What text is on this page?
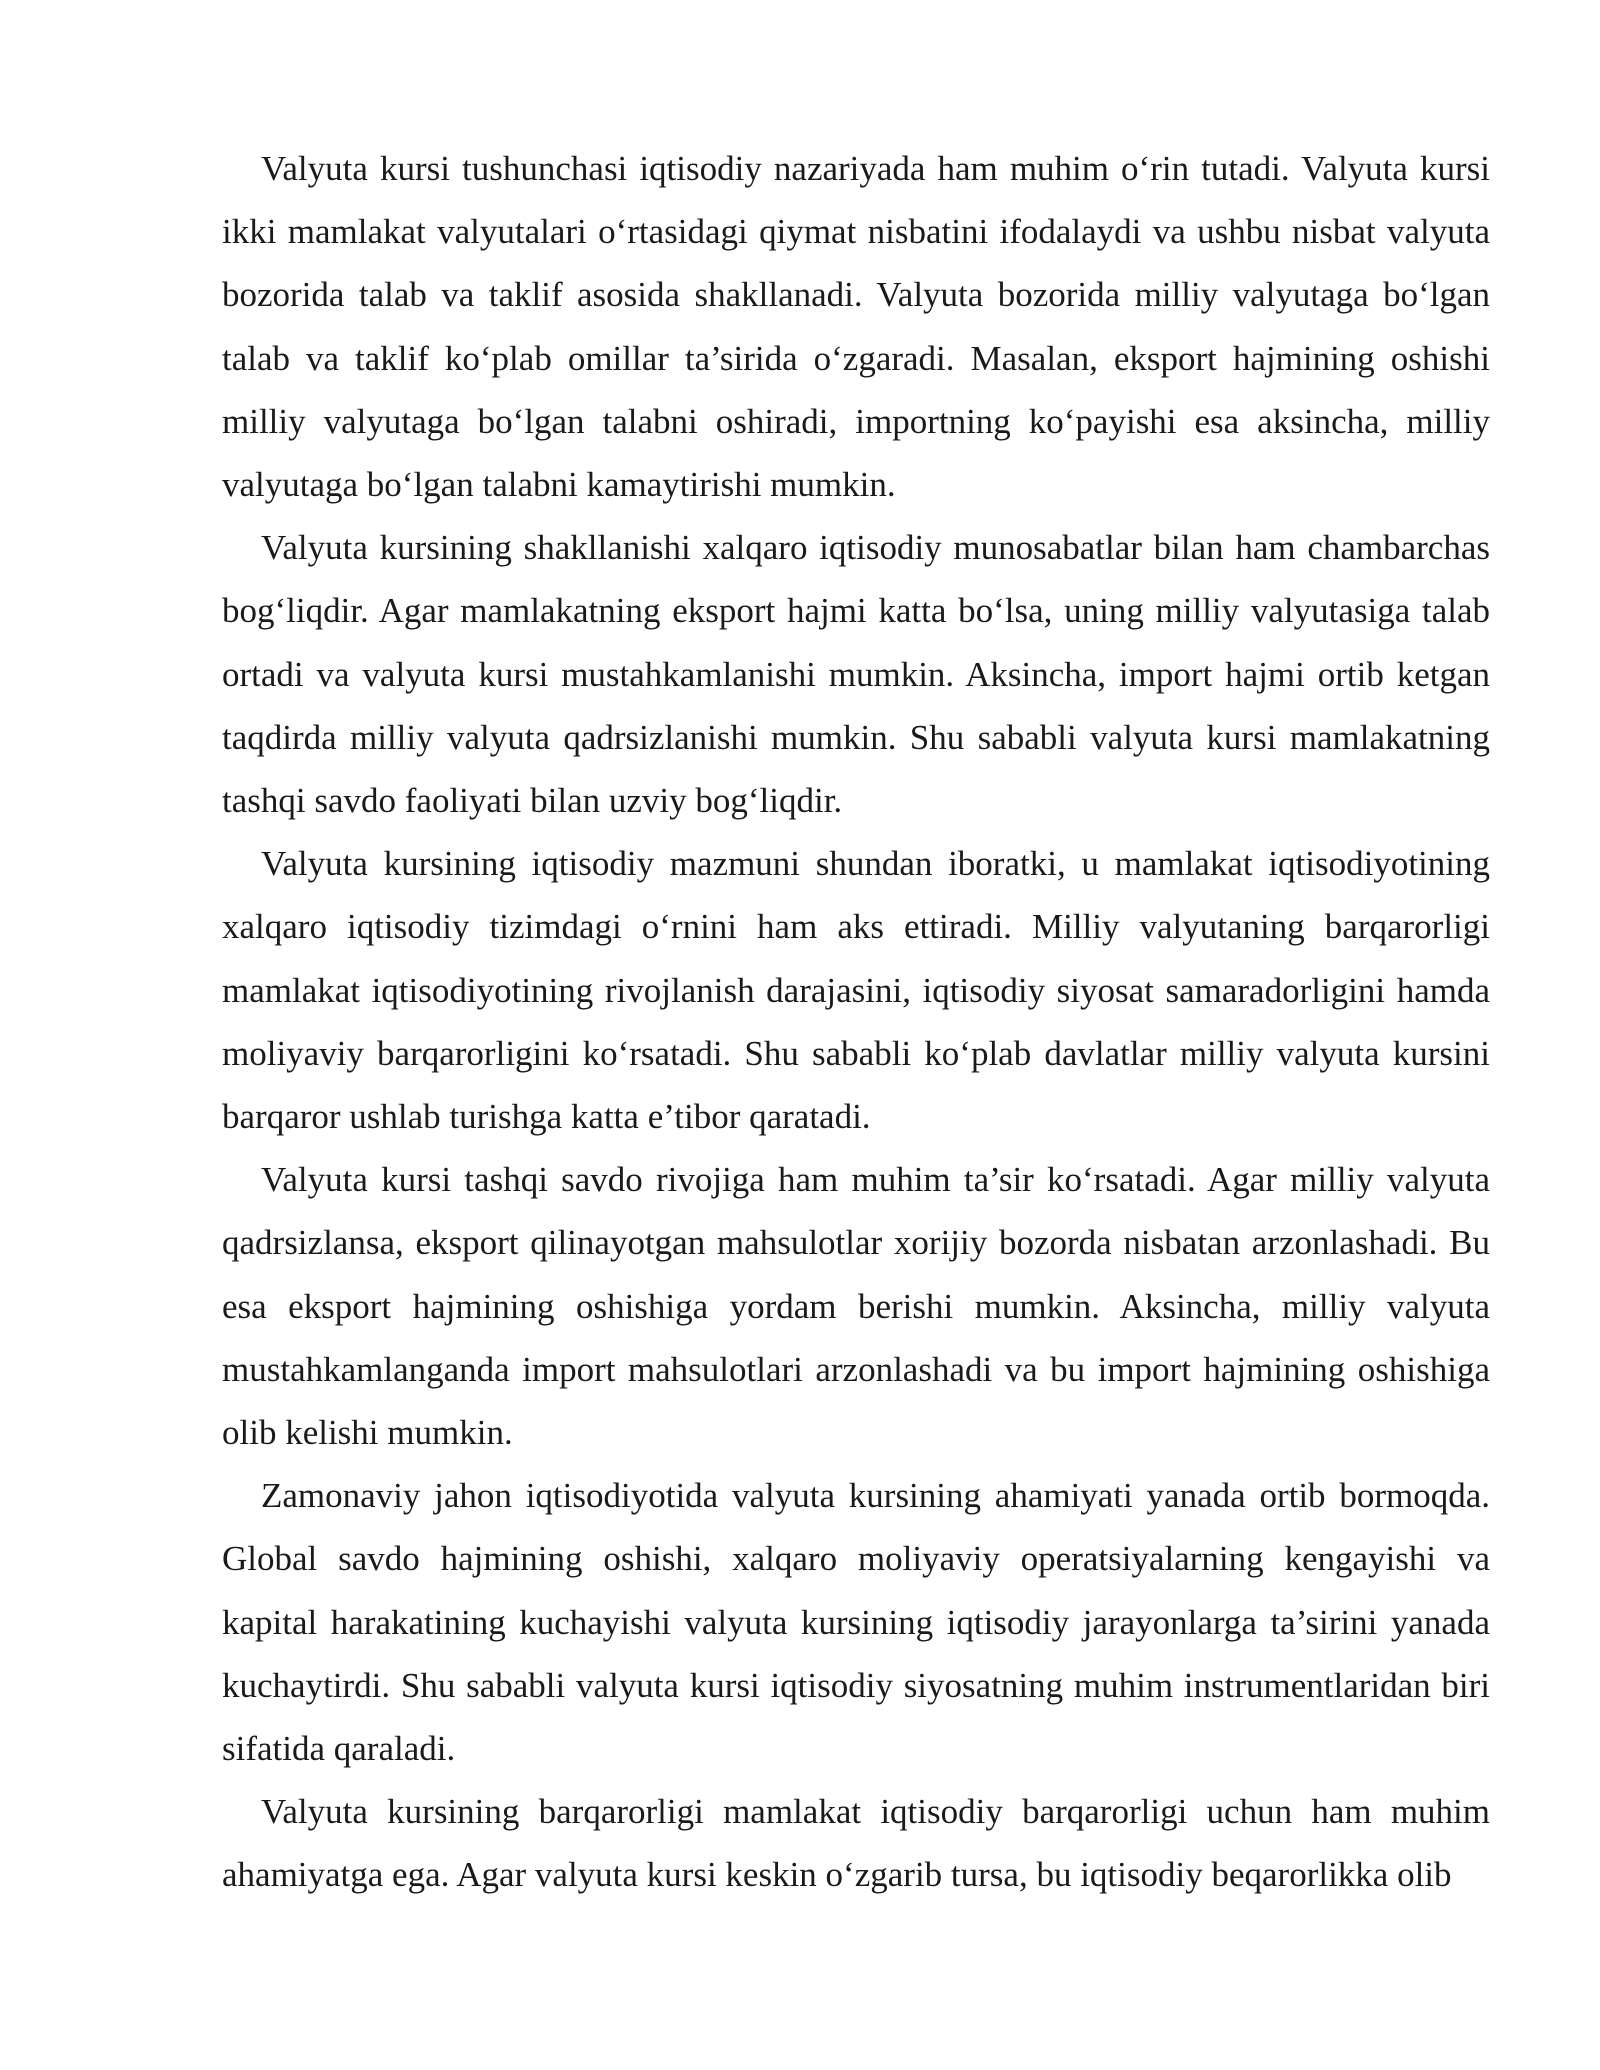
Valyuta kursi tushunchasi iqtisodiy nazariyada ham muhim o‘rin tutadi. Valyuta kursi ikki mamlakat valyutalari o‘rtasidagi qiymat nisbatini ifodalaydi va ushbu nisbat valyuta bozorida talab va taklif asosida shakllanadi. Valyuta bozorida milliy valyutaga bo‘lgan talab va taklif ko‘plab omillar ta’sirida o‘zgaradi. Masalan, eksport hajmining oshishi milliy valyutaga bo‘lgan talabni oshiradi, importning ko‘payishi esa aksincha, milliy valyutaga bo‘lgan talabni kamaytirishi mumkin.

Valyuta kursining shakllanishi xalqaro iqtisodiy munosabatlar bilan ham chambarchas bog‘liqdir. Agar mamlakatning eksport hajmi katta bo‘lsa, uning milliy valyutasiga talab ortadi va valyuta kursi mustahkamlanishi mumkin. Aksincha, import hajmi ortib ketgan taqdirda milliy valyuta qadrsizlanishi mumkin. Shu sababli valyuta kursi mamlakatning tashqi savdo faoliyati bilan uzviy bog‘liqdir.

Valyuta kursining iqtisodiy mazmuni shundan iboratki, u mamlakat iqtisodiyotining xalqaro iqtisodiy tizimdagi o‘rnini ham aks ettiradi. Milliy valyutaning barqarorligi mamlakat iqtisodiyotining rivojlanish darajasini, iqtisodiy siyosat samaradorligini hamda moliyaviy barqarorligini ko‘rsatadi. Shu sababli ko‘plab davlatlar milliy valyuta kursini barqaror ushlab turishga katta e’tibor qaratadi.

Valyuta kursi tashqi savdo rivojiga ham muhim ta’sir ko‘rsatadi. Agar milliy valyuta qadrsizlansa, eksport qilinayotgan mahsulotlar xorijiy bozorda nisbatan arzonlashadi. Bu esa eksport hajmining oshishiga yordam berishi mumkin. Aksincha, milliy valyuta mustahkamlanganda import mahsulotlari arzonlashadi va bu import hajmining oshishiga olib kelishi mumkin.

Zamonaviy jahon iqtisodiyotida valyuta kursining ahamiyati yanada ortib bormoqda. Global savdo hajmining oshishi, xalqaro moliyaviy operatsiyalarning kengayishi va kapital harakatining kuchayishi valyuta kursining iqtisodiy jarayonlarga ta’sirini yanada kuchaytirdi. Shu sababli valyuta kursi iqtisodiy siyosatning muhim instrumentlaridan biri sifatida qaraladi.

Valyuta kursining barqarorligi mamlakat iqtisodiy barqarorligi uchun ham muhim ahamiyatga ega. Agar valyuta kursi keskin o‘zgarib tursa, bu iqtisodiy beqarorlikka olib
